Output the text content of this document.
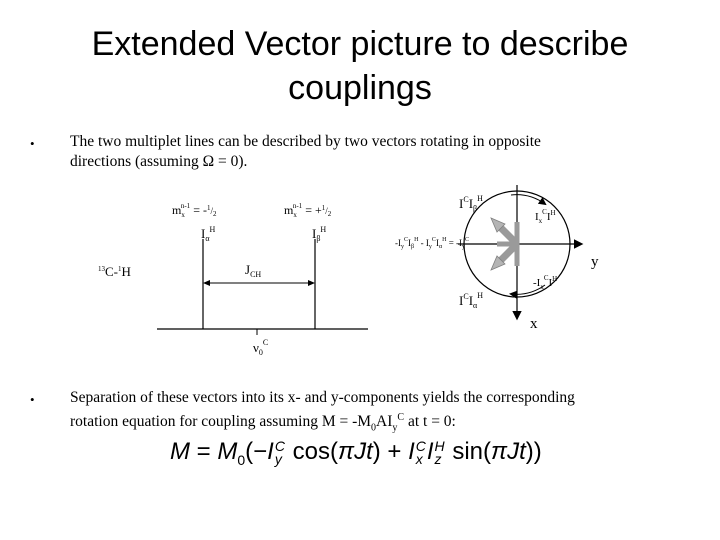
Extended Vector picture to describe
couplings
• The two multiplet lines can be described by two vectors rotating in opposite
directions (assuming Ω = 0).
$m_xn-1 = -^1_/2$	$m_xn-1 = +^1_/2$
$I_\alpha^H$	$I_\beta^H$
$^{13}$C-$^1$H	$J_{CH}$
$\nu_0^C$
$I^CI_\beta^H$
$I_x^CI^H$
$-I_y^CI_\beta^H - I_y^CI_\alpha^H = -I_y^C$
$-I_x^CI^H$
$I^CI_\alpha^H$
y
x
• Separation of these vectors into its x- and y-components yields the corresponding
rotation equation for coupling assuming $M = -M_0AI_y^C$ at t = 0:
$M = M_0(-I$ C
y cos(πJt) + I C
x I H
z sin(πJt))
